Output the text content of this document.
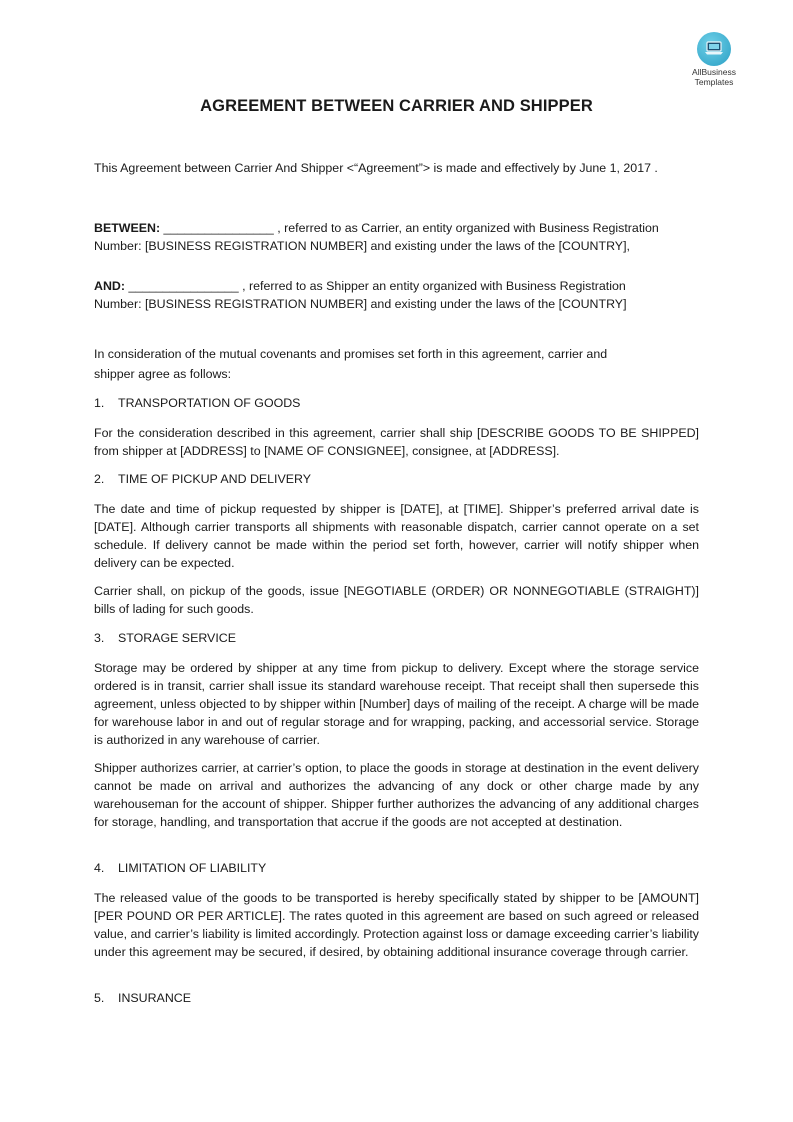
AllBusiness
Templates
AGREEMENT BETWEEN CARRIER AND SHIPPER

This Agreement between Carrier And Shipper <“Agreement”> is made and effectively by June 1, 2017 .

BETWEEN: ________________ , referred to as Carrier, an entity organized with Business Registration
Number: [BUSINESS REGISTRATION NUMBER] and existing under the laws of the [COUNTRY],
AND: ________________ , referred to as Shipper an entity organized with Business Registration
Number: [BUSINESS REGISTRATION NUMBER] and existing under the laws of the [COUNTRY]
In consideration of the mutual covenants and promises set forth in this agreement, carrier and
shipper agree as follows:
1. TRANSPORTATION OF GOODS

For the consideration described in this agreement, carrier shall ship [DESCRIBE GOODS TO BE SHIPPED] from shipper at [ADDRESS] to [NAME OF CONSIGNEE], consignee, at [ADDRESS].

2. TIME OF PICKUP AND DELIVERY

The date and time of pickup requested by shipper is [DATE], at [TIME]. Shipper’s preferred arrival date is [DATE]. Although carrier transports all shipments with reasonable dispatch, carrier cannot operate on a set schedule. If delivery cannot be made within the period set forth, however, carrier will notify shipper when delivery can be expected.

Carrier shall, on pickup of the goods, issue [NEGOTIABLE (ORDER) OR NONNEGOTIABLE (STRAIGHT)] bills of lading for such goods.

3. STORAGE SERVICE

Storage may be ordered by shipper at any time from pickup to delivery. Except where the storage service ordered is in transit, carrier shall issue its standard warehouse receipt. That receipt shall then supersede this agreement, unless objected to by shipper within [Number] days of mailing of the receipt. A charge will be made for warehouse labor in and out of regular storage and for wrapping, packing, and accessorial service. Storage is authorized in any warehouse of carrier.

Shipper authorizes carrier, at carrier’s option, to place the goods in storage at destination in the event delivery cannot be made on arrival and authorizes the advancing of any dock or other charge made by any warehouseman for the account of shipper. Shipper further authorizes the advancing of any additional charges for storage, handling, and transportation that accrue if the goods are not accepted at destination.

4. LIMITATION OF LIABILITY

The released value of the goods to be transported is hereby specifically stated by shipper to be [AMOUNT] [PER POUND OR PER ARTICLE]. The rates quoted in this agreement are based on such agreed or released value, and carrier’s liability is limited accordingly. Protection against loss or damage exceeding carrier’s liability under this agreement may be secured, if desired, by obtaining additional insurance coverage through carrier.

5. INSURANCE
